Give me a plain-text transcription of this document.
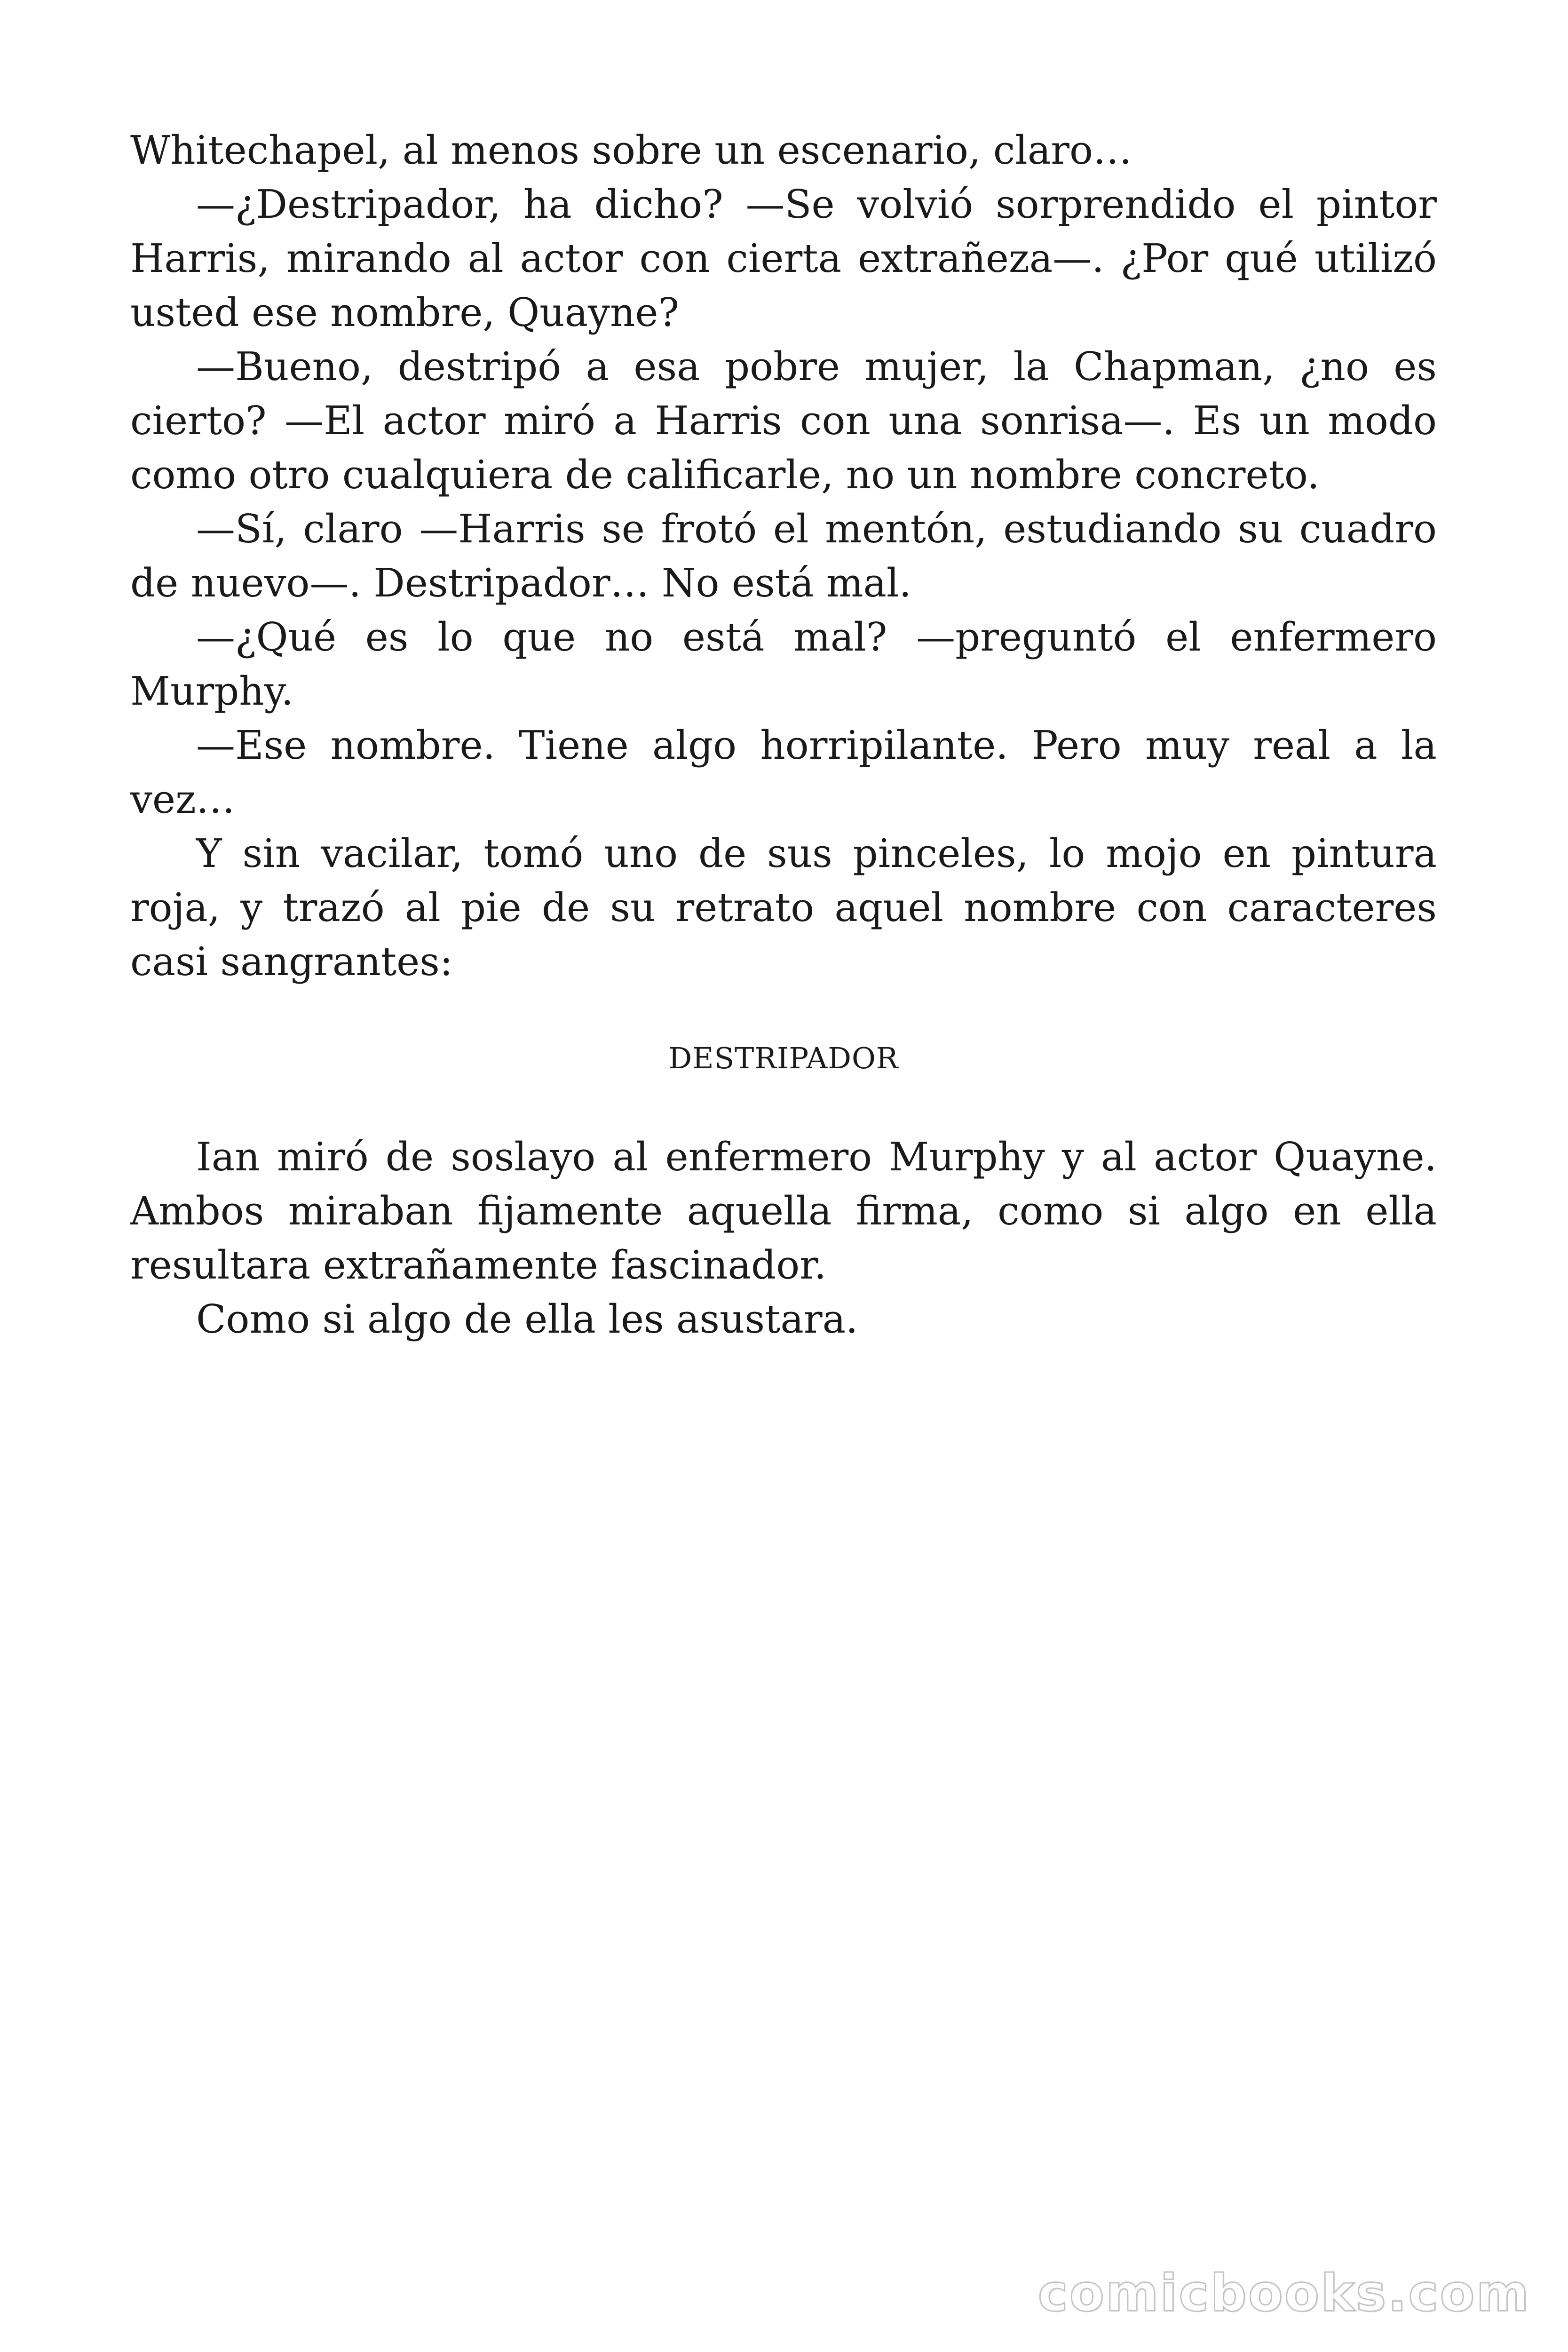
Whitechapel, al menos sobre un escenario, claro…

—¿Destripador, ha dicho? —Se volvió sorprendido el pintor Harris, mirando al actor con cierta extrañeza—. ¿Por qué utilizó usted ese nombre, Quayne?

—Bueno, destripó a esa pobre mujer, la Chapman, ¿no es cierto? —El actor miró a Harris con una sonrisa—. Es un modo como otro cualquiera de calificarle, no un nombre concreto.

—Sí, claro —Harris se frotó el mentón, estudiando su cuadro de nuevo—. Destripador… No está mal.

—¿Qué es lo que no está mal? —preguntó el enfermero Murphy.

—Ese nombre. Tiene algo horripilante. Pero muy real a la vez…

Y sin vacilar, tomó uno de sus pinceles, lo mojo en pintura roja, y trazó al pie de su retrato aquel nombre con caracteres casi sangrantes:

DESTRIPADOR

Ian miró de soslayo al enfermero Murphy y al actor Quayne. Ambos miraban fijamente aquella firma, como si algo en ella resultara extrañamente fascinador.

Como si algo de ella les asustara.

comicbooks.com
